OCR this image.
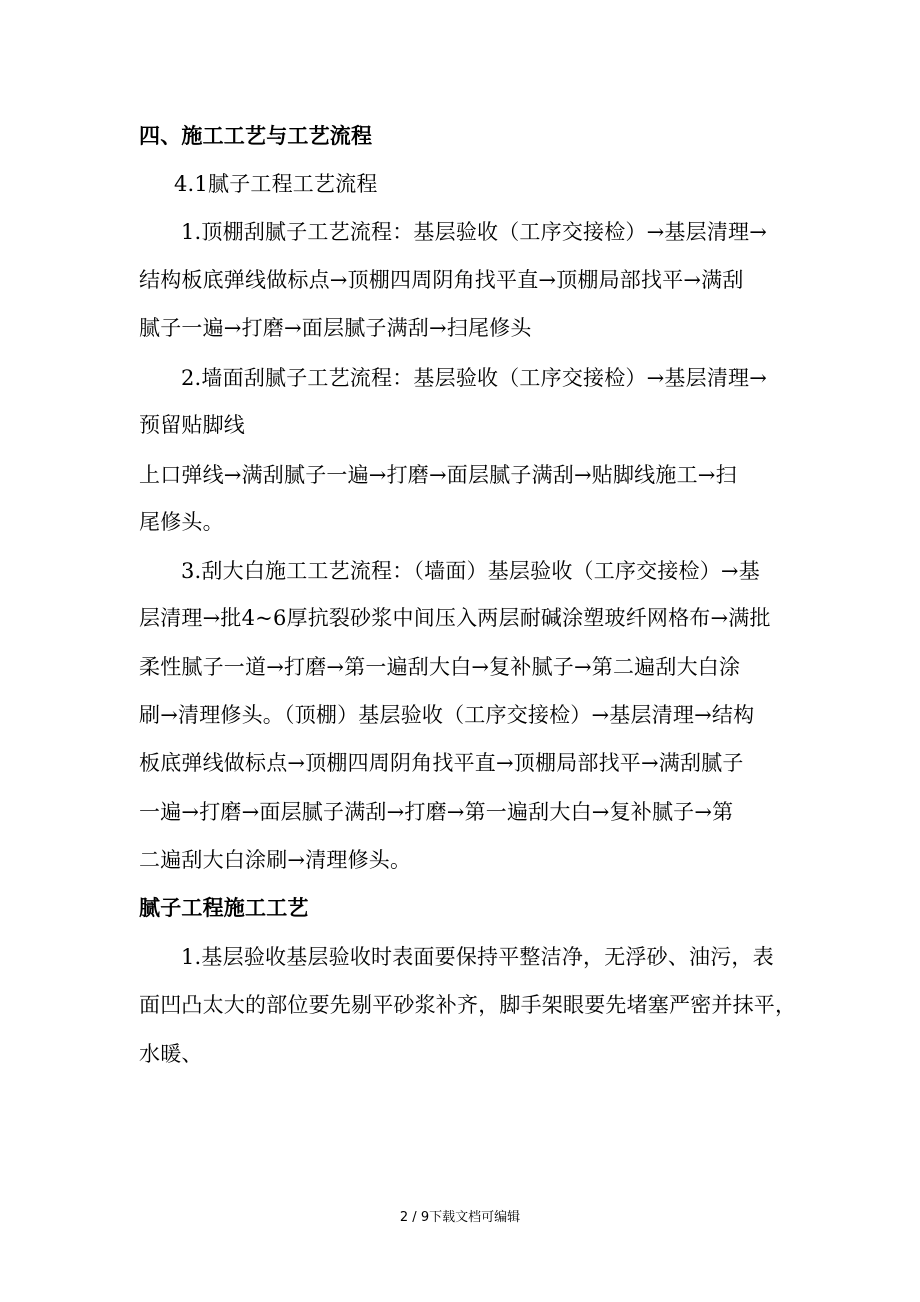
四、施工工艺与工艺流程
4.1腻子工程工艺流程
1.顶棚刮腻子工艺流程：基层验收（工序交接检）→基层清理→
结构板底弹线做标点→顶棚四周阴角找平直→顶棚局部找平→满刮
腻子一遍→打磨→面层腻子满刮→扫尾修头
2.墙面刮腻子工艺流程：基层验收（工序交接检）→基层清理→
预留贴脚线
上口弹线→满刮腻子一遍→打磨→面层腻子满刮→贴脚线施工→扫
尾修头。
3.刮大白施工工艺流程：（墙面）基层验收（工序交接检）→基
层清理→批4~6厚抗裂砂浆中间压入两层耐碱涂塑玻纤网格布→满批
柔性腻子一道→打磨→第一遍刮大白→复补腻子→第二遍刮大白涂
刷→清理修头。（顶棚）基层验收（工序交接检）→基层清理→结构
板底弹线做标点→顶棚四周阴角找平直→顶棚局部找平→满刮腻子
一遍→打磨→面层腻子满刮→打磨→第一遍刮大白→复补腻子→第
二遍刮大白涂刷→清理修头。
腻子工程施工工艺
1.基层验收基层验收时表面要保持平整洁净，无浮砂、油污，表
面凹凸太大的部位要先剔平砂浆补齐，脚手架眼要先堵塞严密并抹平，
水暖、
2 / 9下载文档可编辑
